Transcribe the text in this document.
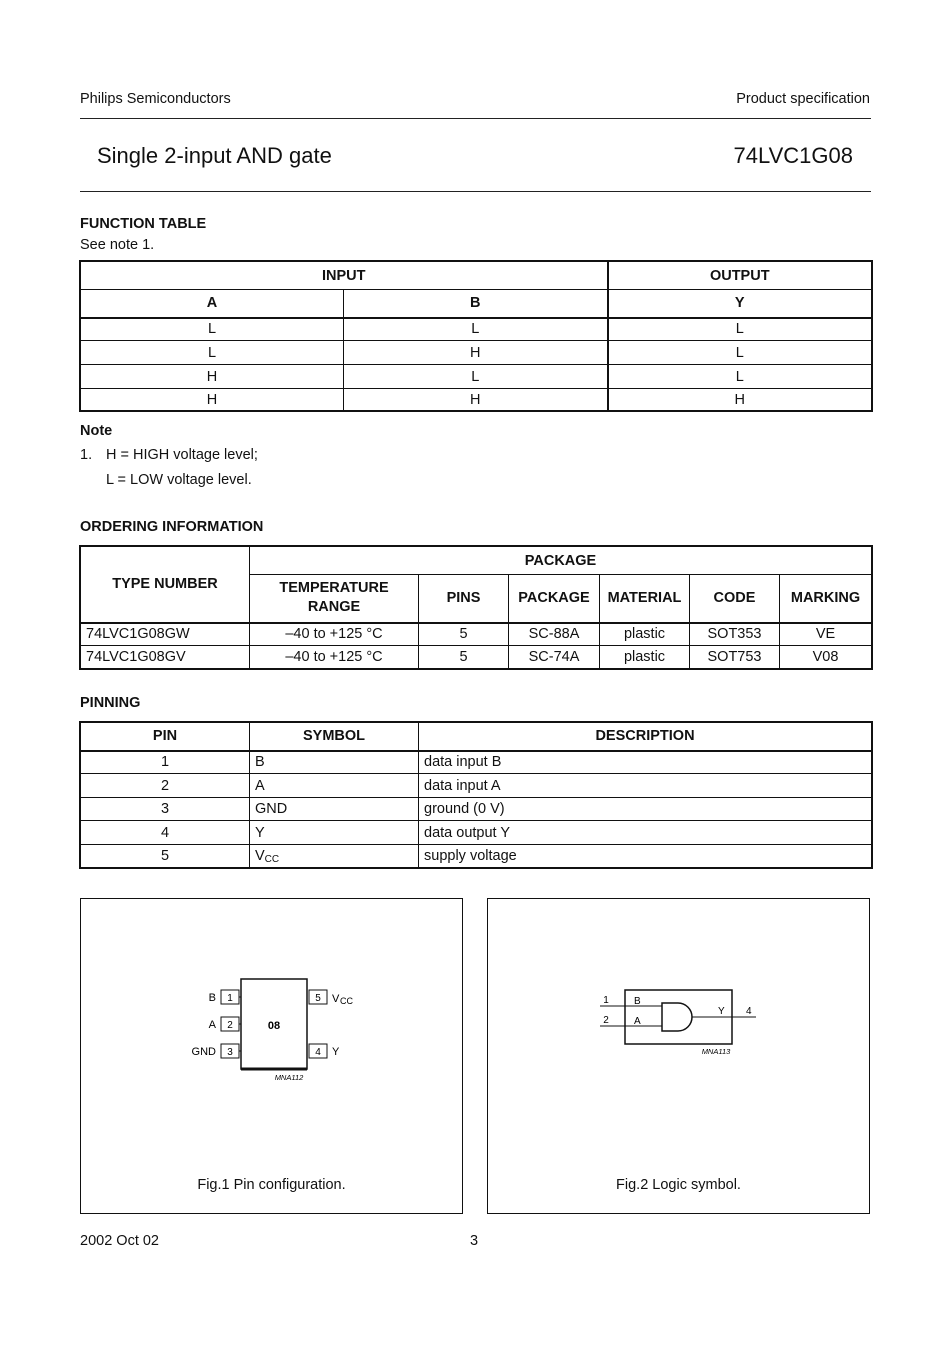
Philips Semiconductors	Product specification
Single 2-input AND gate	74LVC1G08
FUNCTION TABLE
See note 1.
INPUT		OUTPUT
A	B	Y
L	L	L
L	H	L
H	L	L
H	H	H
Note
1. H = HIGH voltage level;
L = LOW voltage level.
ORDERING INFORMATION
TYPE NUMBER	PACKAGE					
	TEMPERATURE RANGE	PINS	PACKAGE	MATERIAL	CODE	MARKING
74LVC1G08GW	–40 to +125 °C	5	SC-88A	plastic	SOT353	VE
74LVC1G08GV	–40 to +125 °C	5	SC-74A	plastic	SOT753	V08
PINNING
PIN	SYMBOL	DESCRIPTION
1	B	data input B
2	A	data input A
3	GND	ground (0 V)
4	Y	data output Y
5	$V_{CC}$	supply voltage
1
2
3
5
4
B
A
GND
V CC
Y
08
MNA112
Fig.1 Pin configuration.
1
2
B
A
Y 4
MNA113
Fig.2 Logic symbol.
2002 Oct 02	3
